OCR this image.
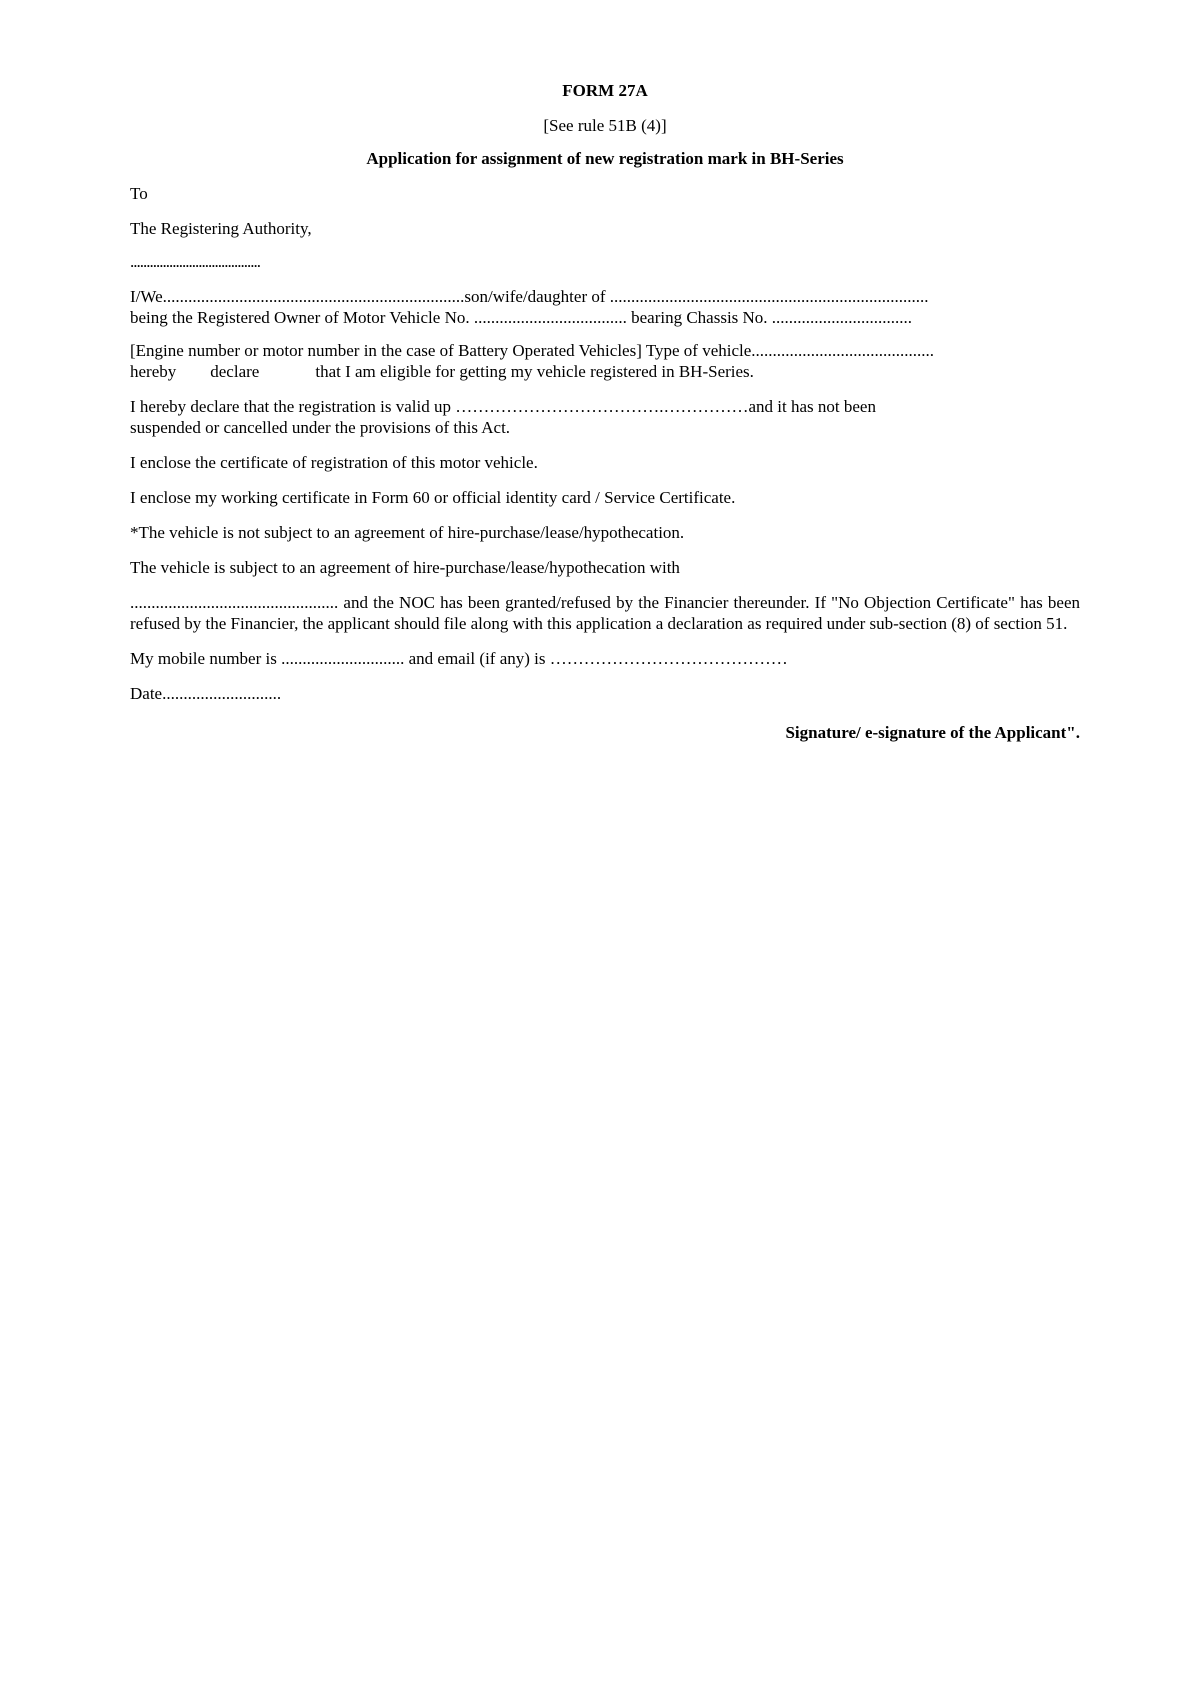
FORM 27A
[See rule 51B (4)]
Application for assignment of new registration mark in BH-Series

To

The Registering Authority,

........................................

I/We.......................................................................son/wife/daughter of ...........................................................................

being the Registered Owner of Motor Vehicle No. .................................... bearing Chassis No. .................................

[Engine number or motor number in the case of Battery Operated Vehicles] Type of vehicle...........................................

hereby declare	that I am eligible for getting my vehicle registered in BH-Series.

I hereby declare that the registration is valid up ……………………………….……………and it has not been

suspended or cancelled under the provisions of this Act.

I enclose the certificate of registration of this motor vehicle.

I enclose my working certificate in Form 60 or official identity card / Service Certificate.

*The vehicle is not subject to an agreement of hire-purchase/lease/hypothecation.

The vehicle is subject to an agreement of hire-purchase/lease/hypothecation with

................................................. and the NOC has been granted/refused by the Financier thereunder. If "No Objection Certificate" has been refused by the Financier, the applicant should file along with this application a declaration as required under sub-section (8) of section 51.

My mobile number is ............................. and email (if any) is ……………………………………

Date............................

Signature/ e-signature of the Applicant".
